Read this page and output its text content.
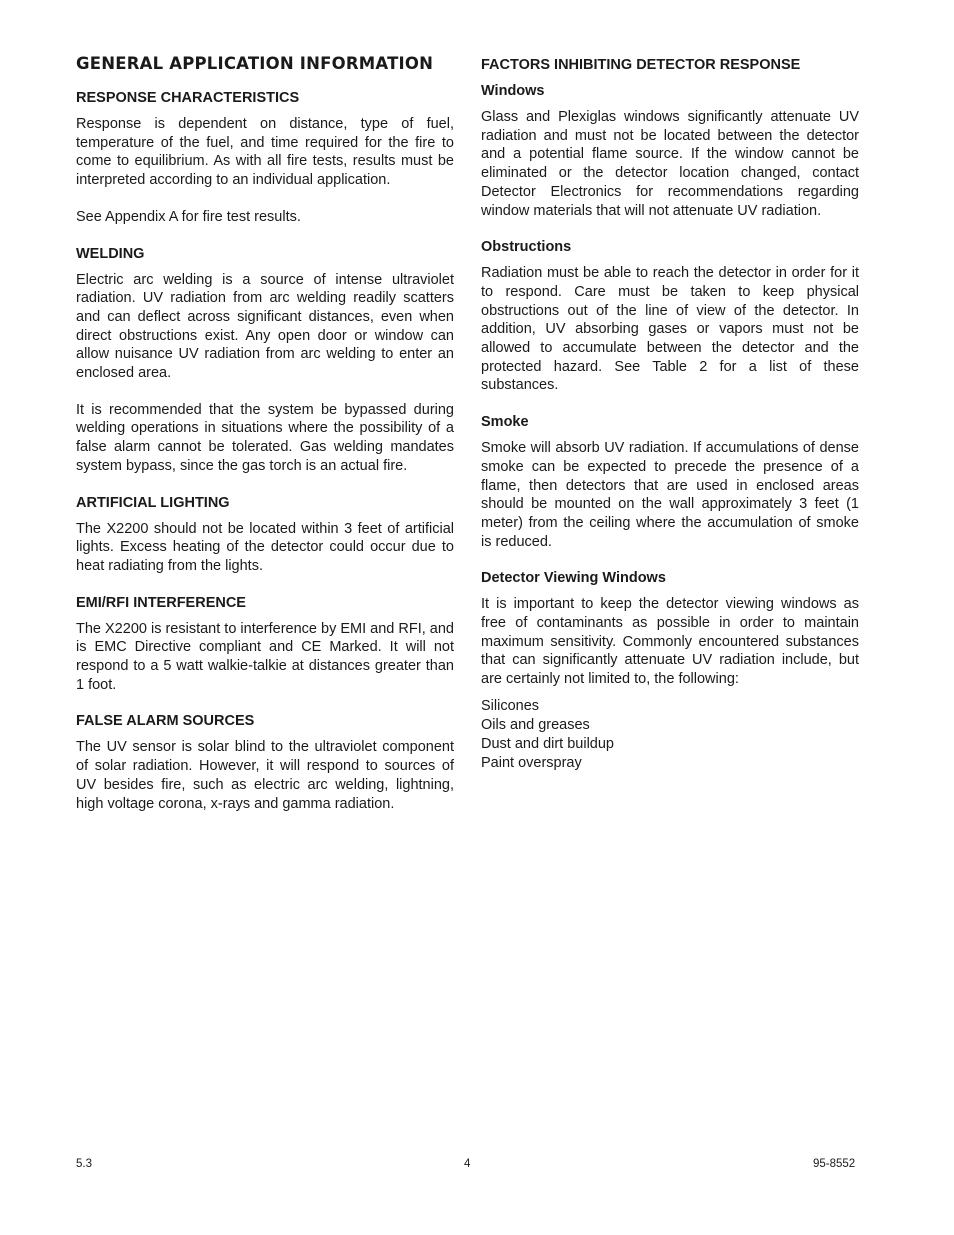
GENERAL APPLICATION INFORMATION
RESPONSE CHARACTERISTICS

Response is dependent on distance, type of fuel, temperature of the fuel, and time required for the fire to come to equilibrium. As with all fire tests, results must be interpreted according to an individual application.

See Appendix A for fire test results.

WELDING

Electric arc welding is a source of intense ultraviolet radiation. UV radiation from arc welding readily scatters and can deflect across significant distances, even when direct obstructions exist. Any open door or window can allow nuisance UV radiation from arc welding to enter an enclosed area.

It is recommended that the system be bypassed during welding operations in situations where the possibility of a false alarm cannot be tolerated. Gas welding mandates system bypass, since the gas torch is an actual fire.

ARTIFICIAL LIGHTING

The X2200 should not be located within 3 feet of artificial lights. Excess heating of the detector could occur due to heat radiating from the lights.

EMI/RFI INTERFERENCE

The X2200 is resistant to interference by EMI and RFI, and is EMC Directive compliant and CE Marked. It will not respond to a 5 watt walkie-talkie at distances greater than 1 foot.

FALSE ALARM SOURCES

The UV sensor is solar blind to the ultraviolet component of solar radiation. However, it will respond to sources of UV besides fire, such as electric arc welding, lightning, high voltage corona, x-rays and gamma radiation.

FACTORS INHIBITING DETECTOR RESPONSE
Windows

Glass and Plexiglas windows significantly attenuate UV radiation and must not be located between the detector and a potential flame source. If the window cannot be eliminated or the detector location changed, contact Detector Electronics for recommendations regarding window materials that will not attenuate UV radiation.

Obstructions

Radiation must be able to reach the detector in order for it to respond. Care must be taken to keep physical obstructions out of the line of view of the detector. In addition, UV absorbing gases or vapors must not be allowed to accumulate between the detector and the protected hazard. See Table 2 for a list of these substances.

Smoke

Smoke will absorb UV radiation. If accumulations of dense smoke can be expected to precede the presence of a flame, then detectors that are used in enclosed areas should be mounted on the wall approximately 3 feet (1 meter) from the ceiling where the accumulation of smoke is reduced.

Detector Viewing Windows

It is important to keep the detector viewing windows as free of contaminants as possible in order to maintain maximum sensitivity. Commonly encountered substances that can significantly attenuate UV radiation include, but are certainly not limited to, the following:

Silicones
Oils and greases
Dust and dirt buildup
Paint overspray
5.3	4	95-8552
